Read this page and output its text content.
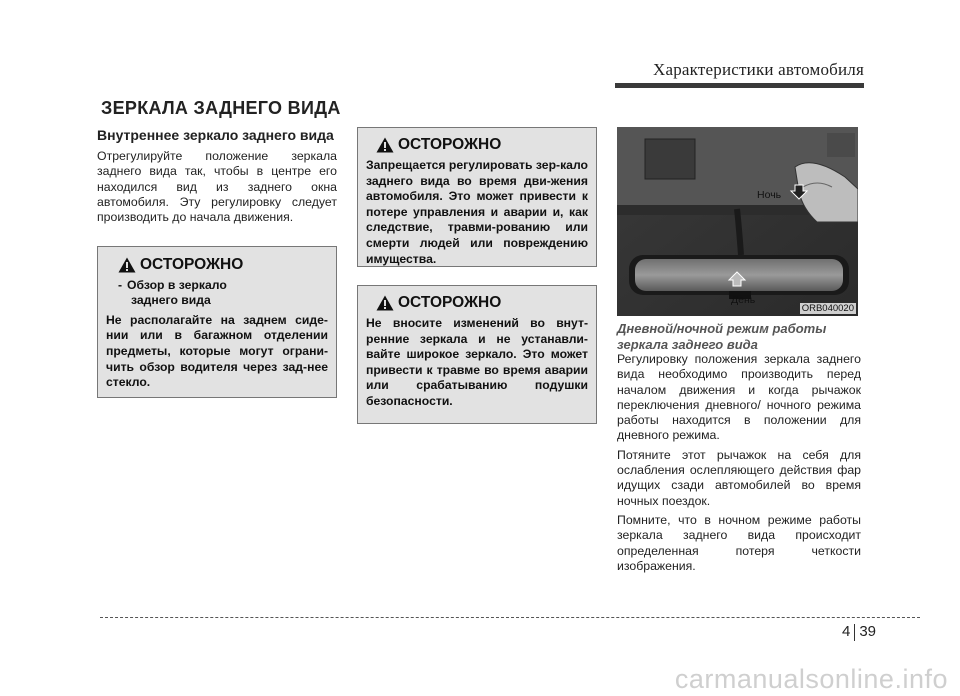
Характеристики автомобиля
ЗЕРКАЛА ЗАДНЕГО ВИДА
Внутреннее зеркало заднего вида

Отрегулируйте положение зеркала заднего вида так, чтобы в центре его находился вид из заднего окна автомобиля. Эту регулировку следует производить до начала движения.

ОСТОРОЖНО
- Обзор в зеркало
заднего вида

Не располагайте на заднем сиде-нии или в багажном отделении предметы, которые могут ограни-чить обзор водителя через зад-нее стекло.

ОСТОРОЖНО

Запрещается регулировать зер-кало заднего вида во время дви-жения автомобиля. Это может привести к потере управления и аварии и, как следствие, травми-рованию или смерти людей или повреждению имущества.

ОСТОРОЖНО

Не вносите изменений во внут-ренние зеркала и не устанавли-вайте широкое зеркало. Это может привести к травме во время аварии или срабатыванию подушки безопасности.

Ночь
День
ORB040020
Дневной/ночной режим работы зеркала заднего вида

Регулировку положения зеркала заднего вида необходимо производить перед началом движения и когда рычажок переключения дневного/ ночного режима работы находится в положении для дневного режима.

Потяните этот рычажок на себя для ослабления ослепляющего действия фар идущих сзади автомобилей во время ночных поездок.

Помните, что в ночном режиме работы зеркала заднего вида происходит определенная потеря четкости изображения.

4 39
carmanualsonline.info
